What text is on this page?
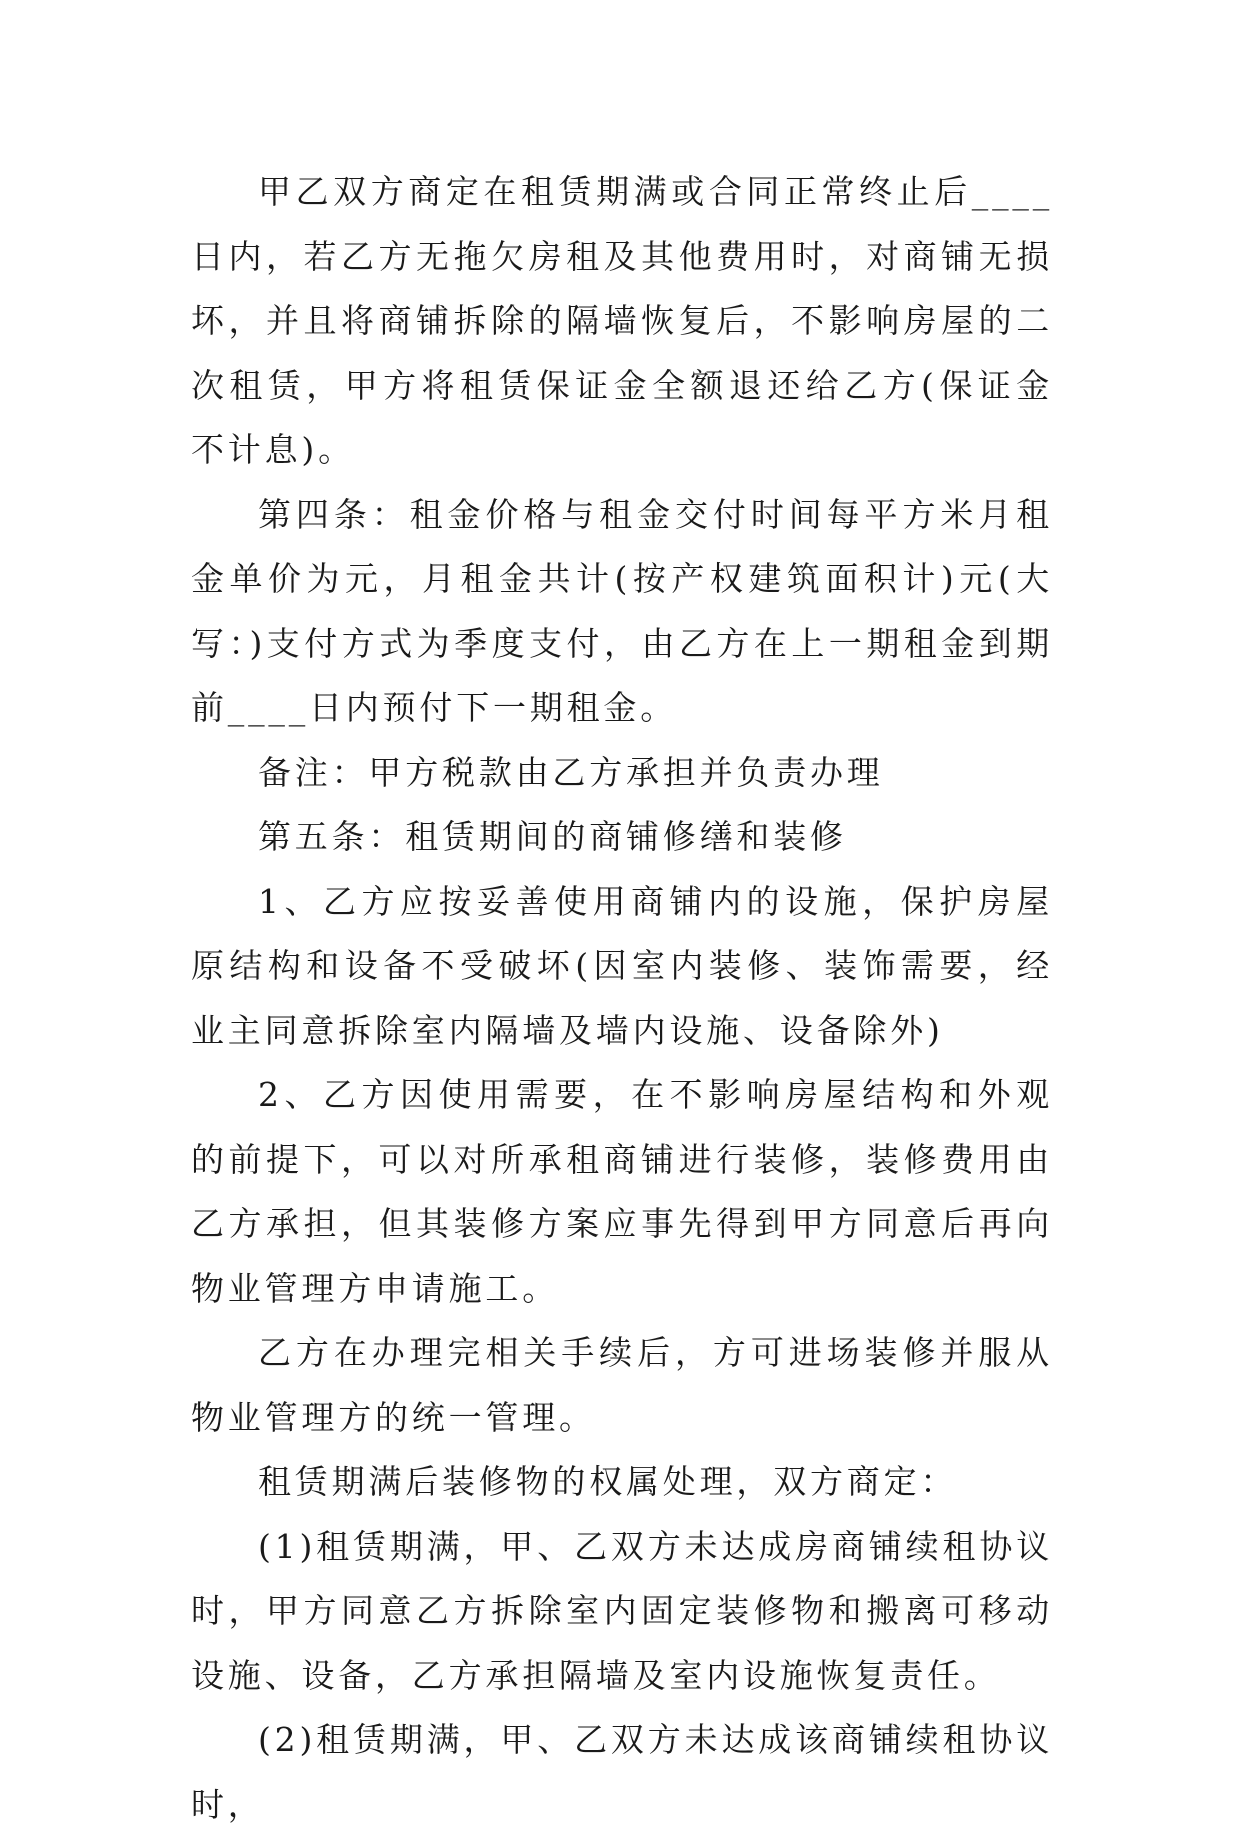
甲乙双方商定在租赁期满或合同正常终止后____日内，若乙方无拖欠房租及其他费用时，对商铺无损坏，并且将商铺拆除的隔墙恢复后，不影响房屋的二次租赁，甲方将租赁保证金全额退还给乙方(保证金不计息)。

第四条：租金价格与租金交付时间每平方米月租金单价为元，月租金共计(按产权建筑面积计)元(大写：)支付方式为季度支付，由乙方在上一期租金到期前____日内预付下一期租金。

备注：甲方税款由乙方承担并负责办理

第五条：租赁期间的商铺修缮和装修

1、乙方应按妥善使用商铺内的设施，保护房屋原结构和设备不受破坏(因室内装修、装饰需要，经业主同意拆除室内隔墙及墙内设施、设备除外)

2、乙方因使用需要，在不影响房屋结构和外观的前提下，可以对所承租商铺进行装修，装修费用由乙方承担，但其装修方案应事先得到甲方同意后再向物业管理方申请施工。

乙方在办理完相关手续后，方可进场装修并服从物业管理方的统一管理。

租赁期满后装修物的权属处理，双方商定：

(1)租赁期满，甲、乙双方未达成房商铺续租协议时，甲方同意乙方拆除室内固定装修物和搬离可移动设施、设备，乙方承担隔墙及室内设施恢复责任。

(2)租赁期满，甲、乙双方未达成该商铺续租协议时，
